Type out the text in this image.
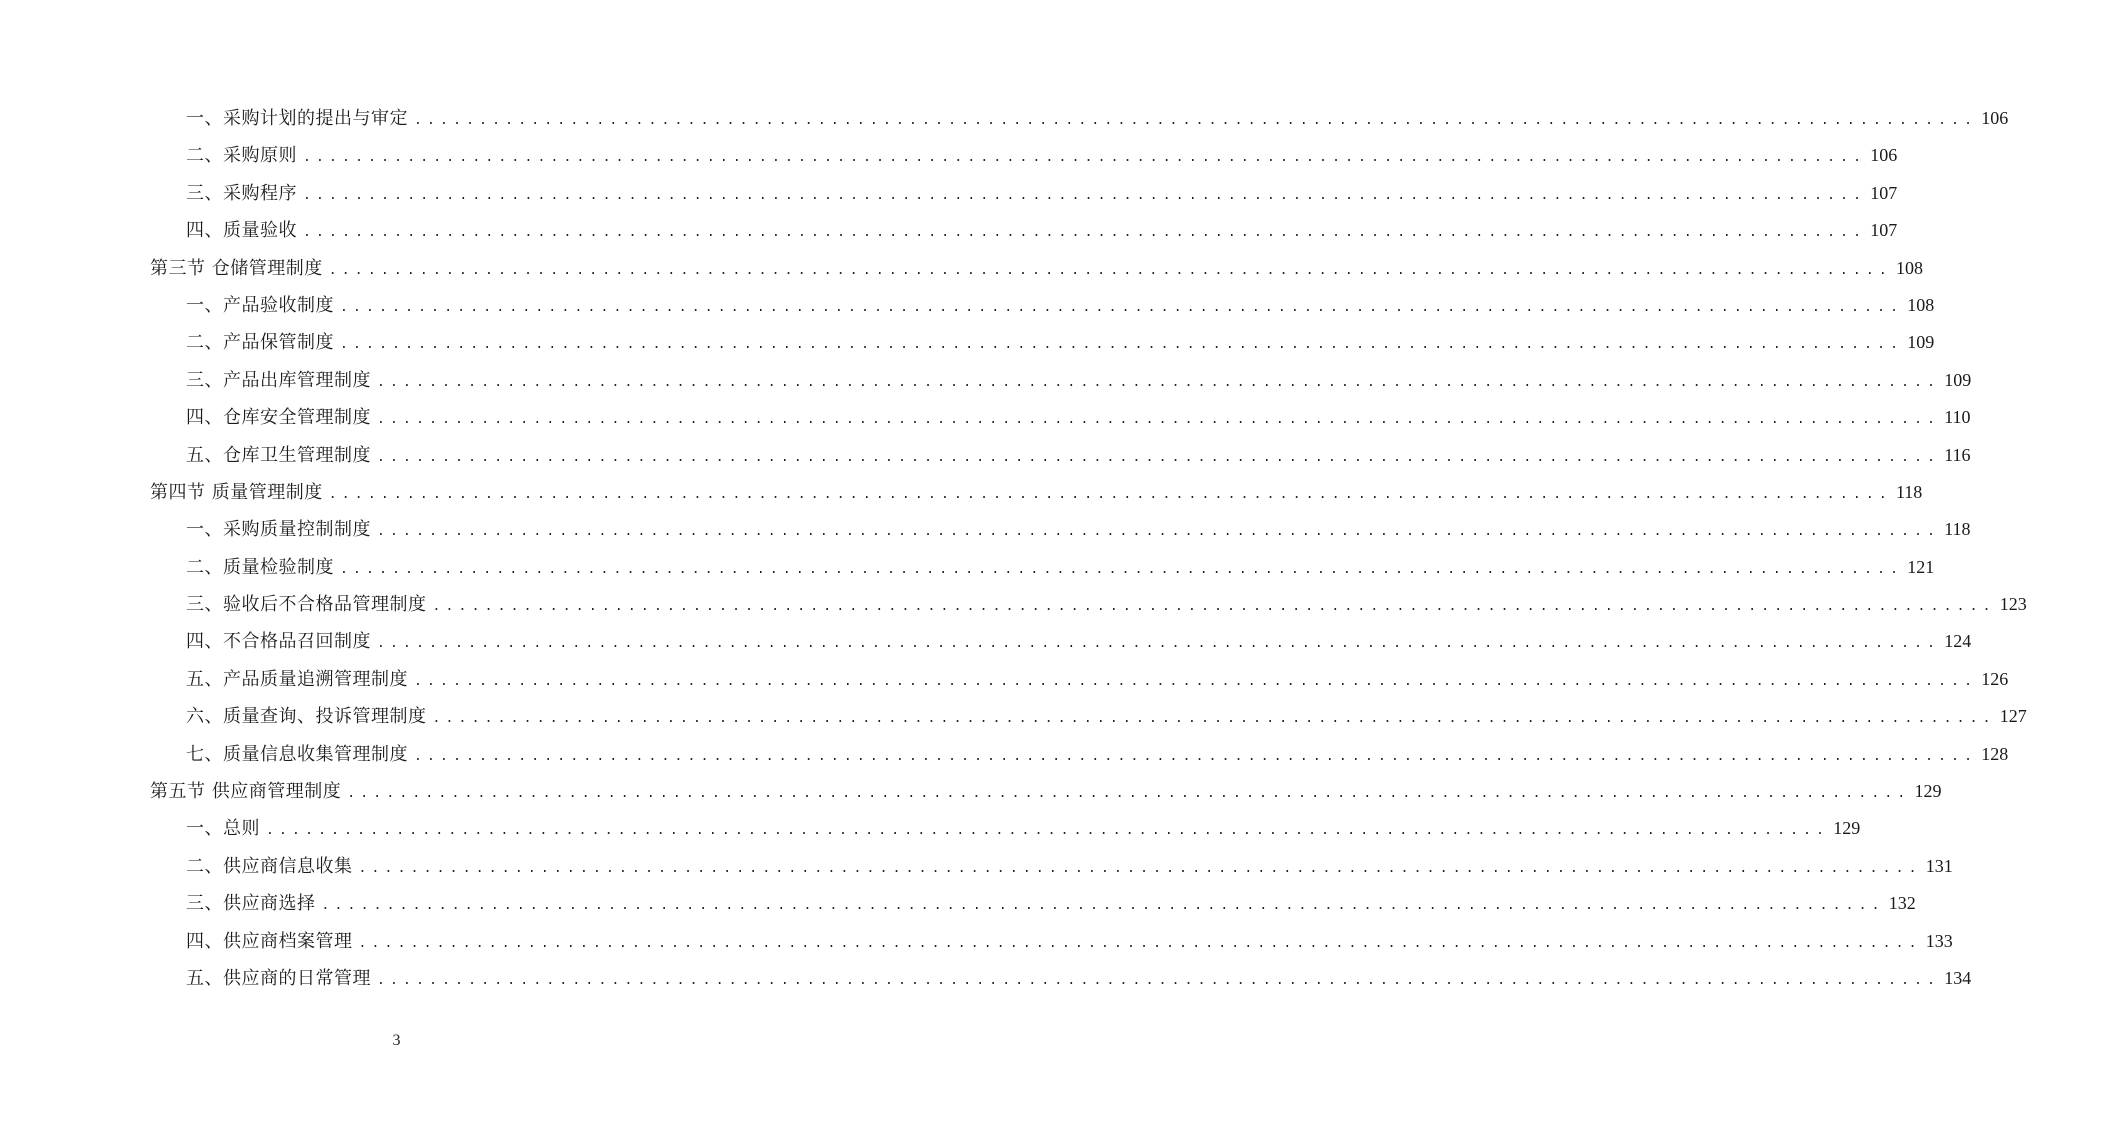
一、采购计划的提出与审定 ........................................................................................................................ 106
二、采购原则 ........................................................................................................................ 106
三、采购程序 ........................................................................................................................ 107
四、质量验收 ........................................................................................................................ 107
第三节 仓储管理制度 ........................................................................................................................ 108
一、产品验收制度 ........................................................................................................................ 108
二、产品保管制度 ........................................................................................................................ 109
三、产品出库管理制度 ........................................................................................................................ 109
四、仓库安全管理制度 ........................................................................................................................ 110
五、仓库卫生管理制度 ........................................................................................................................ 116
第四节 质量管理制度 ........................................................................................................................ 118
一、采购质量控制制度 ........................................................................................................................ 118
二、质量检验制度 ........................................................................................................................ 121
三、验收后不合格品管理制度 ........................................................................................................................ 123
四、不合格品召回制度 ........................................................................................................................ 124
五、产品质量追溯管理制度 ........................................................................................................................ 126
六、质量查询、投诉管理制度 ........................................................................................................................ 127
七、质量信息收集管理制度 ........................................................................................................................ 128
第五节 供应商管理制度 ........................................................................................................................ 129
一、总则 ........................................................................................................................ 129
二、供应商信息收集 ........................................................................................................................ 131
三、供应商选择 ........................................................................................................................ 132
四、供应商档案管理 ........................................................................................................................ 133
五、供应商的日常管理 ........................................................................................................................ 134
3
